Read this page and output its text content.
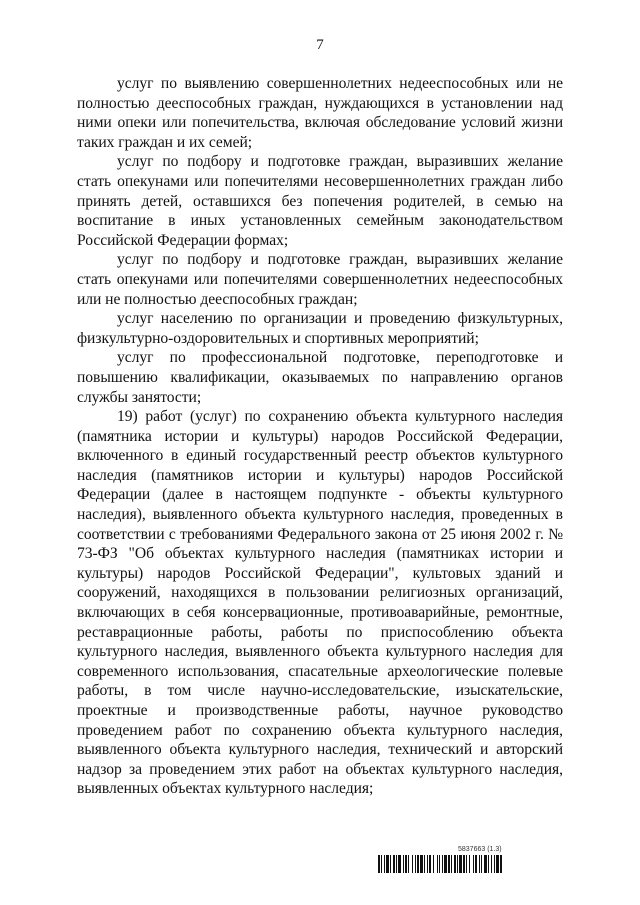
7

услуг по выявлению совершеннолетних недееспособных или не полностью дееспособных граждан, нуждающихся в установлении над ними опеки или попечительства, включая обследование условий жизни таких граждан и их семей;

услуг по подбору и подготовке граждан, выразивших желание стать опекунами или попечителями несовершеннолетних граждан либо принять детей, оставшихся без попечения родителей, в семью на воспитание в иных установленных семейным законодательством Российской Федерации формах;

услуг по подбору и подготовке граждан, выразивших желание стать опекунами или попечителями совершеннолетних недееспособных или не полностью дееспособных граждан;

услуг населению по организации и проведению физкультурных, физкультурно-оздоровительных и спортивных мероприятий;

услуг по профессиональной подготовке, переподготовке и повышению квалификации, оказываемых по направлению органов службы занятости;

19) работ (услуг) по сохранению объекта культурного наследия (памятника истории и культуры) народов Российской Федерации, включенного в единый государственный реестр объектов культурного наследия (памятников истории и культуры) народов Российской Федерации (далее в настоящем подпункте - объекты культурного наследия), выявленного объекта культурного наследия, проведенных в соответствии с требованиями Федерального закона от 25 июня 2002 г. № 73-ФЗ "Об объектах культурного наследия (памятниках истории и культуры) народов Российской Федерации", культовых зданий и сооружений, находящихся в пользовании религиозных организаций, включающих в себя консервационные, противоаварийные, ремонтные, реставрационные работы, работы по приспособлению объекта культурного наследия, выявленного объекта культурного наследия для современного использования, спасательные археологические полевые работы, в том числе научно-исследовательские, изыскательские, проектные и производственные работы, научное руководство проведением работ по сохранению объекта культурного наследия, выявленного объекта культурного наследия, технический и авторский надзор за проведением этих работ на объектах культурного наследия, выявленных объектах культурного наследия;

5837663 (1.3)
